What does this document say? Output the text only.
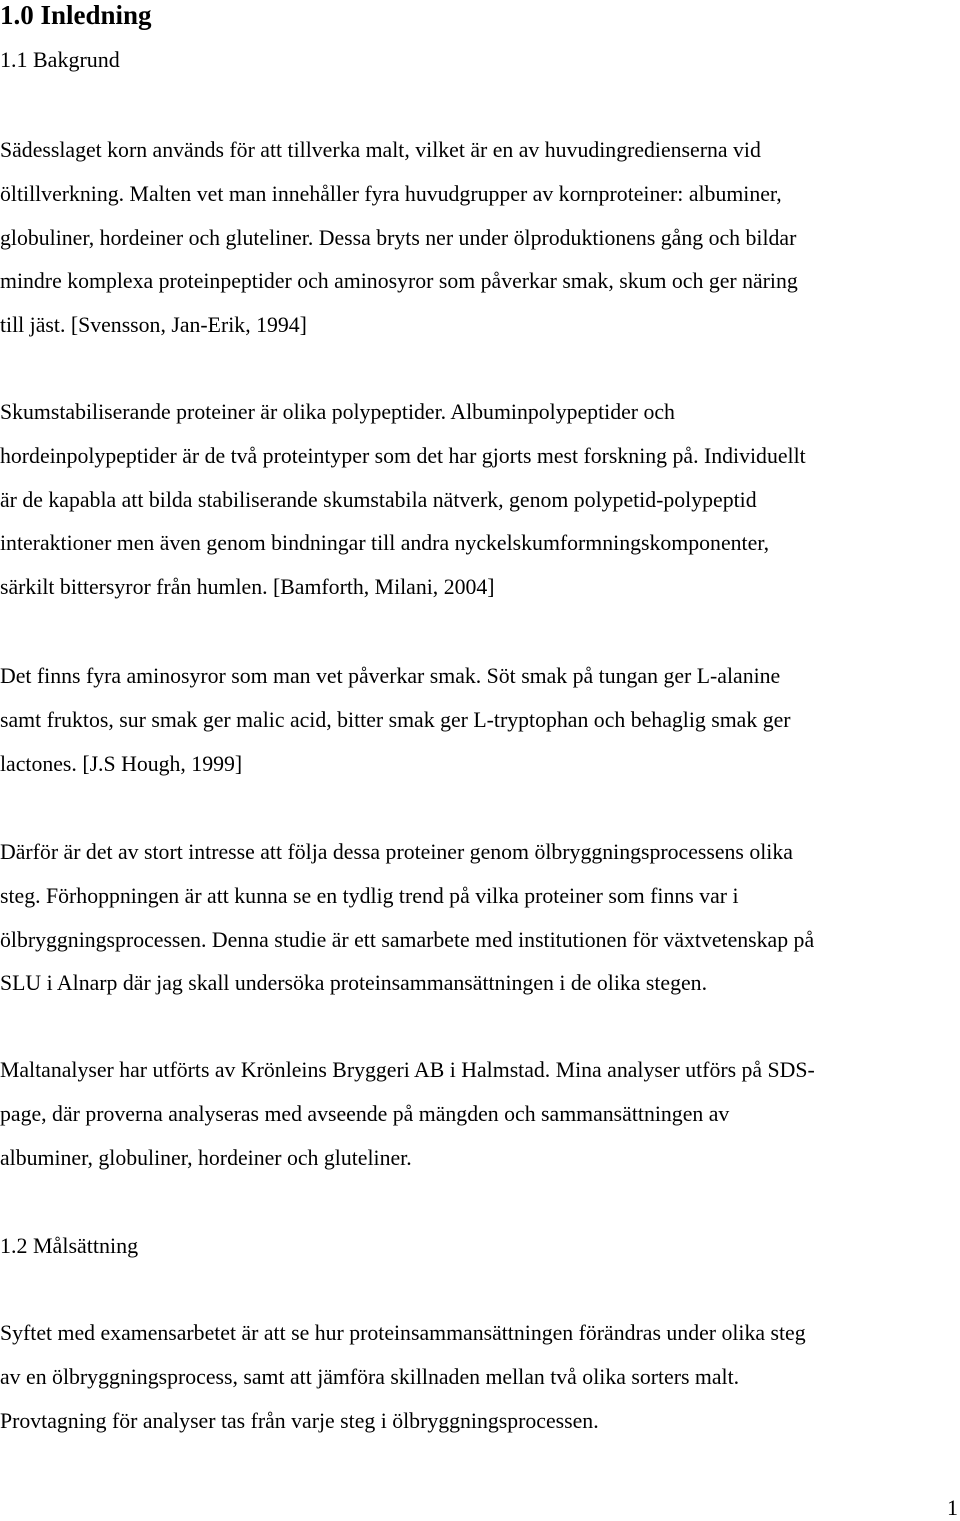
1.0 Inledning
1.1 Bakgrund

Sädesslaget korn används för att tillverka malt, vilket är en av huvudingredienserna vid
öltillverkning. Malten vet man innehåller fyra huvudgrupper av kornproteiner: albuminer,
globuliner, hordeiner och gluteliner. Dessa bryts ner under ölproduktionens gång och bildar
mindre komplexa proteinpeptider och aminosyror som påverkar smak, skum och ger näring
till jäst. [Svensson, Jan-Erik, 1994]

Skumstabiliserande proteiner är olika polypeptider. Albuminpolypeptider och
hordeinpolypeptider är de två proteintyper som det har gjorts mest forskning på. Individuellt
är de kapabla att bilda stabiliserande skumstabila nätverk, genom polypetid-polypeptid
interaktioner men även genom bindningar till andra nyckelskumformningskomponenter,
särkilt bittersyror från humlen. [Bamforth, Milani, 2004]

Det finns fyra aminosyror som man vet påverkar smak. Söt smak på tungan ger L-alanine
samt fruktos, sur smak ger malic acid, bitter smak ger L-tryptophan och behaglig smak ger
lactones. [J.S Hough, 1999]

Därför är det av stort intresse att följa dessa proteiner genom ölbryggningsprocessens olika
steg. Förhoppningen är att kunna se en tydlig trend på vilka proteiner som finns var i
ölbryggningsprocessen. Denna studie är ett samarbete med institutionen för växtvetenskap på
SLU i Alnarp där jag skall undersöka proteinsammansättningen i de olika stegen.

Maltanalyser har utförts av Krönleins Bryggeri AB i Halmstad. Mina analyser utförs på SDS-
page, där proverna analyseras med avseende på mängden och sammansättningen av
albuminer, globuliner, hordeiner och gluteliner.

1.2 Målsättning

Syftet med examensarbetet är att se hur proteinsammansättningen förändras under olika steg
av en ölbryggningsprocess, samt att jämföra skillnaden mellan två olika sorters malt.
Provtagning för analyser tas från varje steg i ölbryggningsprocessen.

1
